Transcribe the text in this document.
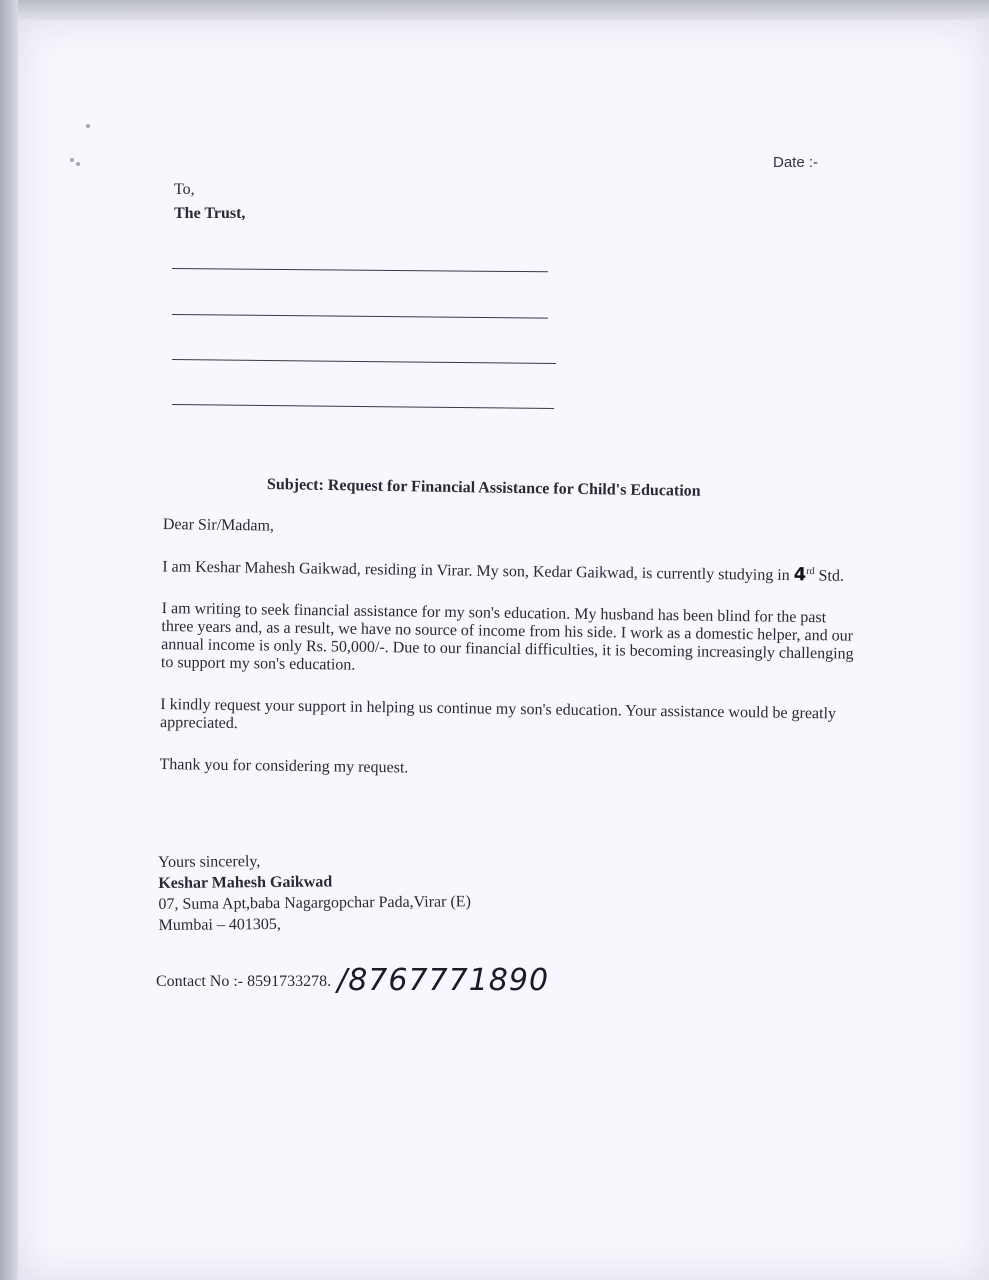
Date :-
To,
The Trust,
Subject: Request for Financial Assistance for Child's Education

Dear Sir/Madam,

I am Keshar Mahesh Gaikwad, residing in Virar. My son, Kedar Gaikwad, is currently studying in 4rd Std.

I am writing to seek financial assistance for my son's education. My husband has been blind for the past three years and, as a result, we have no source of income from his side. I work as a domestic helper, and our annual income is only Rs. 50,000/-. Due to our financial difficulties, it is becoming increasingly challenging to support my son's education.

I kindly request your support in helping us continue my son's education. Your assistance would be greatly appreciated.

Thank you for considering my request.

Yours sincerely,

Keshar Mahesh Gaikwad

07, Suma Apt,baba Nagargopchar Pada,Virar (E)

Mumbai – 401305,

Contact No :- 8591733278. /8767771890
